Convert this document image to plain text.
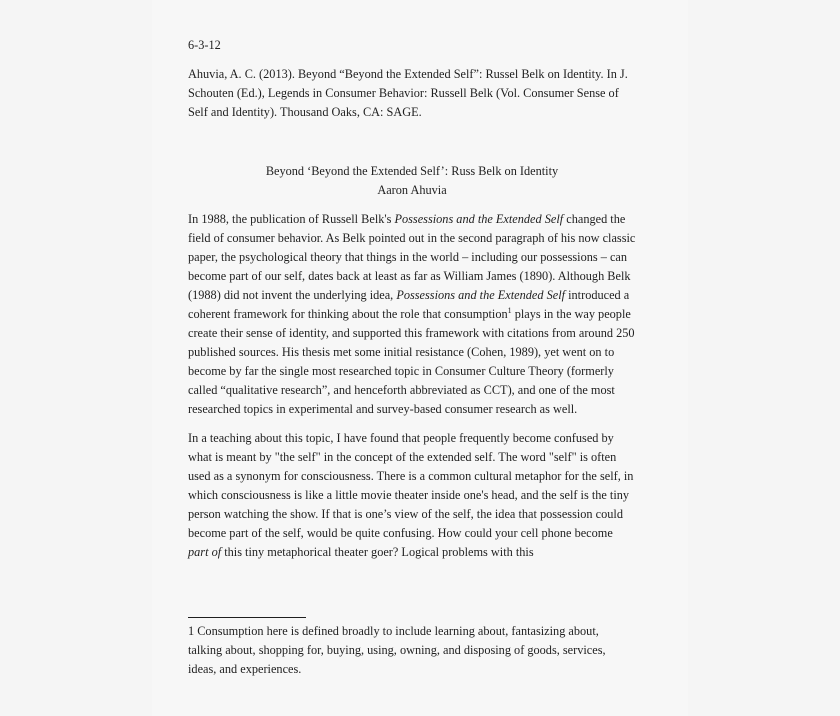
6-3-12

Ahuvia, A. C. (2013). Beyond “Beyond the Extended Self”: Russel Belk on Identity. In J. Schouten (Ed.), Legends in Consumer Behavior: Russell Belk (Vol. Consumer Sense of Self and Identity). Thousand Oaks, CA: SAGE.

Beyond ‘Beyond the Extended Self’: Russ Belk on Identity

Aaron Ahuvia

In 1988, the publication of Russell Belk's Possessions and the Extended Self changed the field of consumer behavior. As Belk pointed out in the second paragraph of his now classic paper, the psychological theory that things in the world – including our possessions – can become part of our self, dates back at least as far as William James (1890). Although Belk (1988) did not invent the underlying idea, Possessions and the Extended Self introduced a coherent framework for thinking about the role that consumption$^1$ plays in the way people create their sense of identity, and supported this framework with citations from around 250 published sources. His thesis met some initial resistance (Cohen, 1989), yet went on to become by far the single most researched topic in Consumer Culture Theory (formerly called “qualitative research”, and henceforth abbreviated as CCT), and one of the most researched topics in experimental and survey-based consumer research as well.

In a teaching about this topic, I have found that people frequently become confused by what is meant by "the self" in the concept of the extended self. The word "self" is often used as a synonym for consciousness. There is a common cultural metaphor for the self, in which consciousness is like a little movie theater inside one's head, and the self is the tiny person watching the show. If that is one’s view of the self, the idea that possession could become part of the self, would be quite confusing. How could your cell phone become part of this tiny metaphorical theater goer? Logical problems with this

1 Consumption here is defined broadly to include learning about, fantasizing about, talking about, shopping for, buying, using, owning, and disposing of goods, services, ideas, and experiences.
